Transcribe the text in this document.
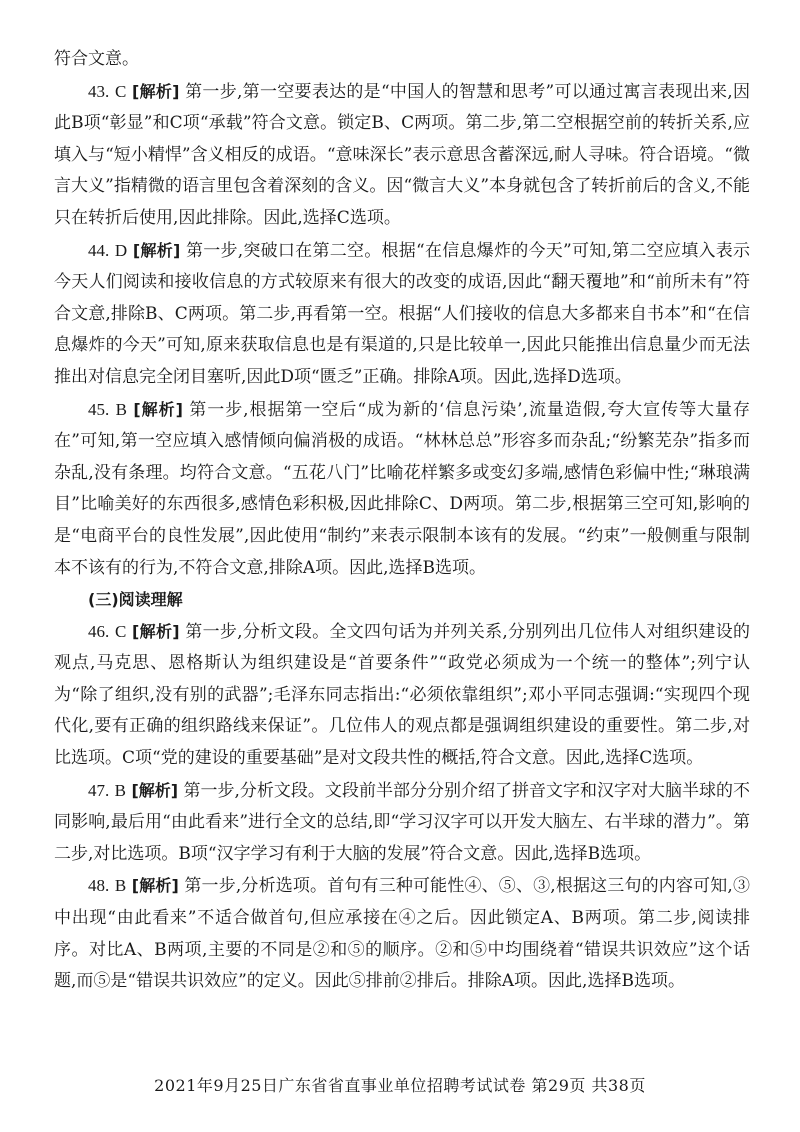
符合文意。

43. C [解析] 第一步,第一空要表达的是“中国人的智慧和思考”可以通过寓言表现出来,因此B项“彰显”和C项“承载”符合文意。锁定B、C两项。第二步,第二空根据空前的转折关系,应填入与“短小精悍”含义相反的成语。“意味深长”表示意思含蓄深远,耐人寻味。符合语境。“微言大义”指精微的语言里包含着深刻的含义。因“微言大义”本身就包含了转折前后的含义,不能只在转折后使用,因此排除。因此,选择C选项。

44. D [解析] 第一步,突破口在第二空。根据“在信息爆炸的今天”可知,第二空应填入表示今天人们阅读和接收信息的方式较原来有很大的改变的成语,因此“翻天覆地”和“前所未有”符合文意,排除B、C两项。第二步,再看第一空。根据“人们接收的信息大多都来自书本”和“在信息爆炸的今天”可知,原来获取信息也是有渠道的,只是比较单一,因此只能推出信息量少而无法推出对信息完全闭目塞听,因此D项“匮乏”正确。排除A项。因此,选择D选项。

45. B [解析] 第一步,根据第一空后“成为新的‘信息污染’,流量造假,夸大宣传等大量存在”可知,第一空应填入感情倾向偏消极的成语。“林林总总”形容多而杂乱;“纷繁芜杂”指多而杂乱,没有条理。均符合文意。“五花八门”比喻花样繁多或变幻多端,感情色彩偏中性;“琳琅满目”比喻美好的东西很多,感情色彩积极,因此排除C、D两项。第二步,根据第三空可知,影响的是“电商平台的良性发展”,因此使用“制约”来表示限制本该有的发展。“约束”一般侧重与限制本不该有的行为,不符合文意,排除A项。因此,选择B选项。

(三)阅读理解

46. C [解析] 第一步,分析文段。全文四句话为并列关系,分别列出几位伟人对组织建设的观点,马克思、恩格斯认为组织建设是“首要条件”“政党必须成为一个统一的整体”;列宁认为“除了组织,没有别的武器”;毛泽东同志指出:“必须依靠组织”;邓小平同志强调:“实现四个现代化,要有正确的组织路线来保证”。几位伟人的观点都是强调组织建设的重要性。第二步,对比选项。C项“党的建设的重要基础”是对文段共性的概括,符合文意。因此,选择C选项。

47. B [解析] 第一步,分析文段。文段前半部分分别介绍了拼音文字和汉字对大脑半球的不同影响,最后用“由此看来”进行全文的总结,即“学习汉字可以开发大脑左、右半球的潜力”。第二步,对比选项。B项“汉字学习有利于大脑的发展”符合文意。因此,选择B选项。

48. B [解析] 第一步,分析选项。首句有三种可能性④、⑤、③,根据这三句的内容可知,③中出现“由此看来”不适合做首句,但应承接在④之后。因此锁定A、B两项。第二步,阅读排序。对比A、B两项,主要的不同是②和⑤的顺序。②和⑤中均围绕着“错误共识效应”这个话题,而⑤是“错误共识效应”的定义。因此⑤排前②排后。排除A项。因此,选择B选项。

2021年9月25日广东省省直事业单位招聘考试试卷 第29页 共38页
